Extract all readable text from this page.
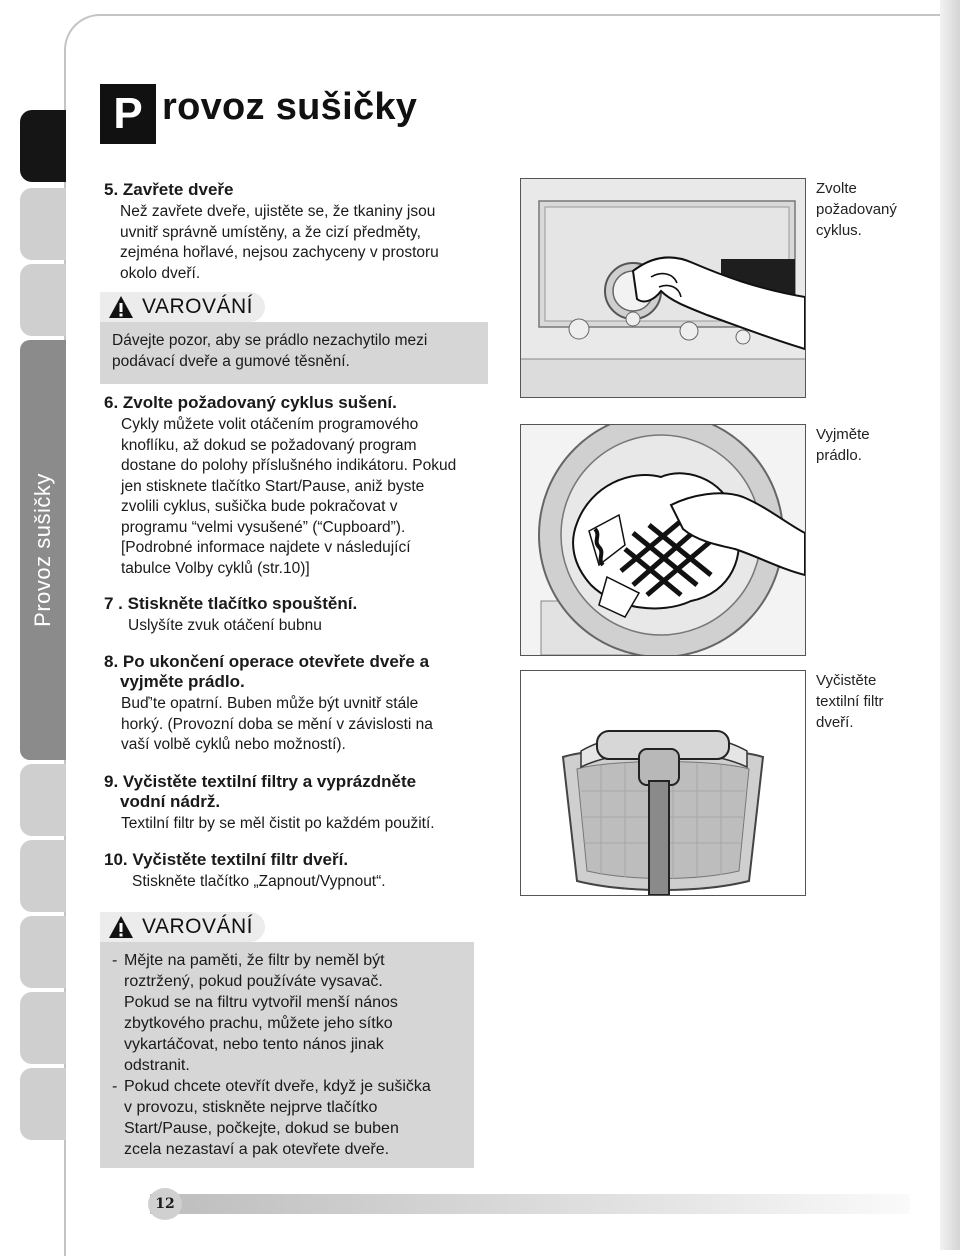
Provoz sušičky
P rovoz sušičky
5. Zavřete dveře
Než zavřete dveře, ujistěte se, že tkaniny jsou
uvnitř správně umístěny, a že cizí předměty,
zejména hořlavé, nejsou zachyceny v prostoru
okolo dveří.
VAROVÁNÍ
Dávejte pozor, aby se prádlo nezachytilo mezi
podávací dveře a gumové těsnění.
6. Zvolte požadovaný cyklus sušení.
Cykly můžete volit otáčením programového
knoflíku, až dokud se požadovaný program
dostane do polohy příslušného indikátoru. Pokud
jen stisknete tlačítko Start/Pause, aniž byste
zvolili cyklus, sušička bude pokračovat v
programu “velmi vysušené” (“Cupboard”).
[Podrobné informace najdete v následující
tabulce Volby cyklů (str.10)]
7 . Stiskněte tlačítko spouštění.
Uslyšíte zvuk otáčení bubnu
8. Po ukončení operace otevřete dveře a
vyjměte prádlo.
Buď’te opatrní. Buben může být uvnitř stále
horký. (Provozní doba se mění v závislosti na
vaší volbě cyklů nebo možností).
9. Vyčistěte textilní filtry a vyprázdněte
vodní nádrž.
Textilní filtr by se měl čistit po každém použití.
10. Vyčistěte textilní filtr dveří.
Stiskněte tlačítko „Zapnout/Vypnout“.
VAROVÁNÍ
- Mějte na paměti, že filtr by neměl být
roztržený, pokud používáte vysavač.
Pokud se na filtru vytvořil menší nános
zbytkového prachu, můžete jeho sítko
vykartáčovat, nebo tento nános jinak
odstranit.
- Pokud chcete otevřít dveře, když je sušička
v provozu, stiskněte nejprve tlačítko
Start/Pause, počkejte, dokud se buben
zcela nezastaví a pak otevřete dveře.
Zvolte
požadovaný
cyklus.
Vyjměte
prádlo.
Vyčistěte
textilní filtr
dveří.
12
